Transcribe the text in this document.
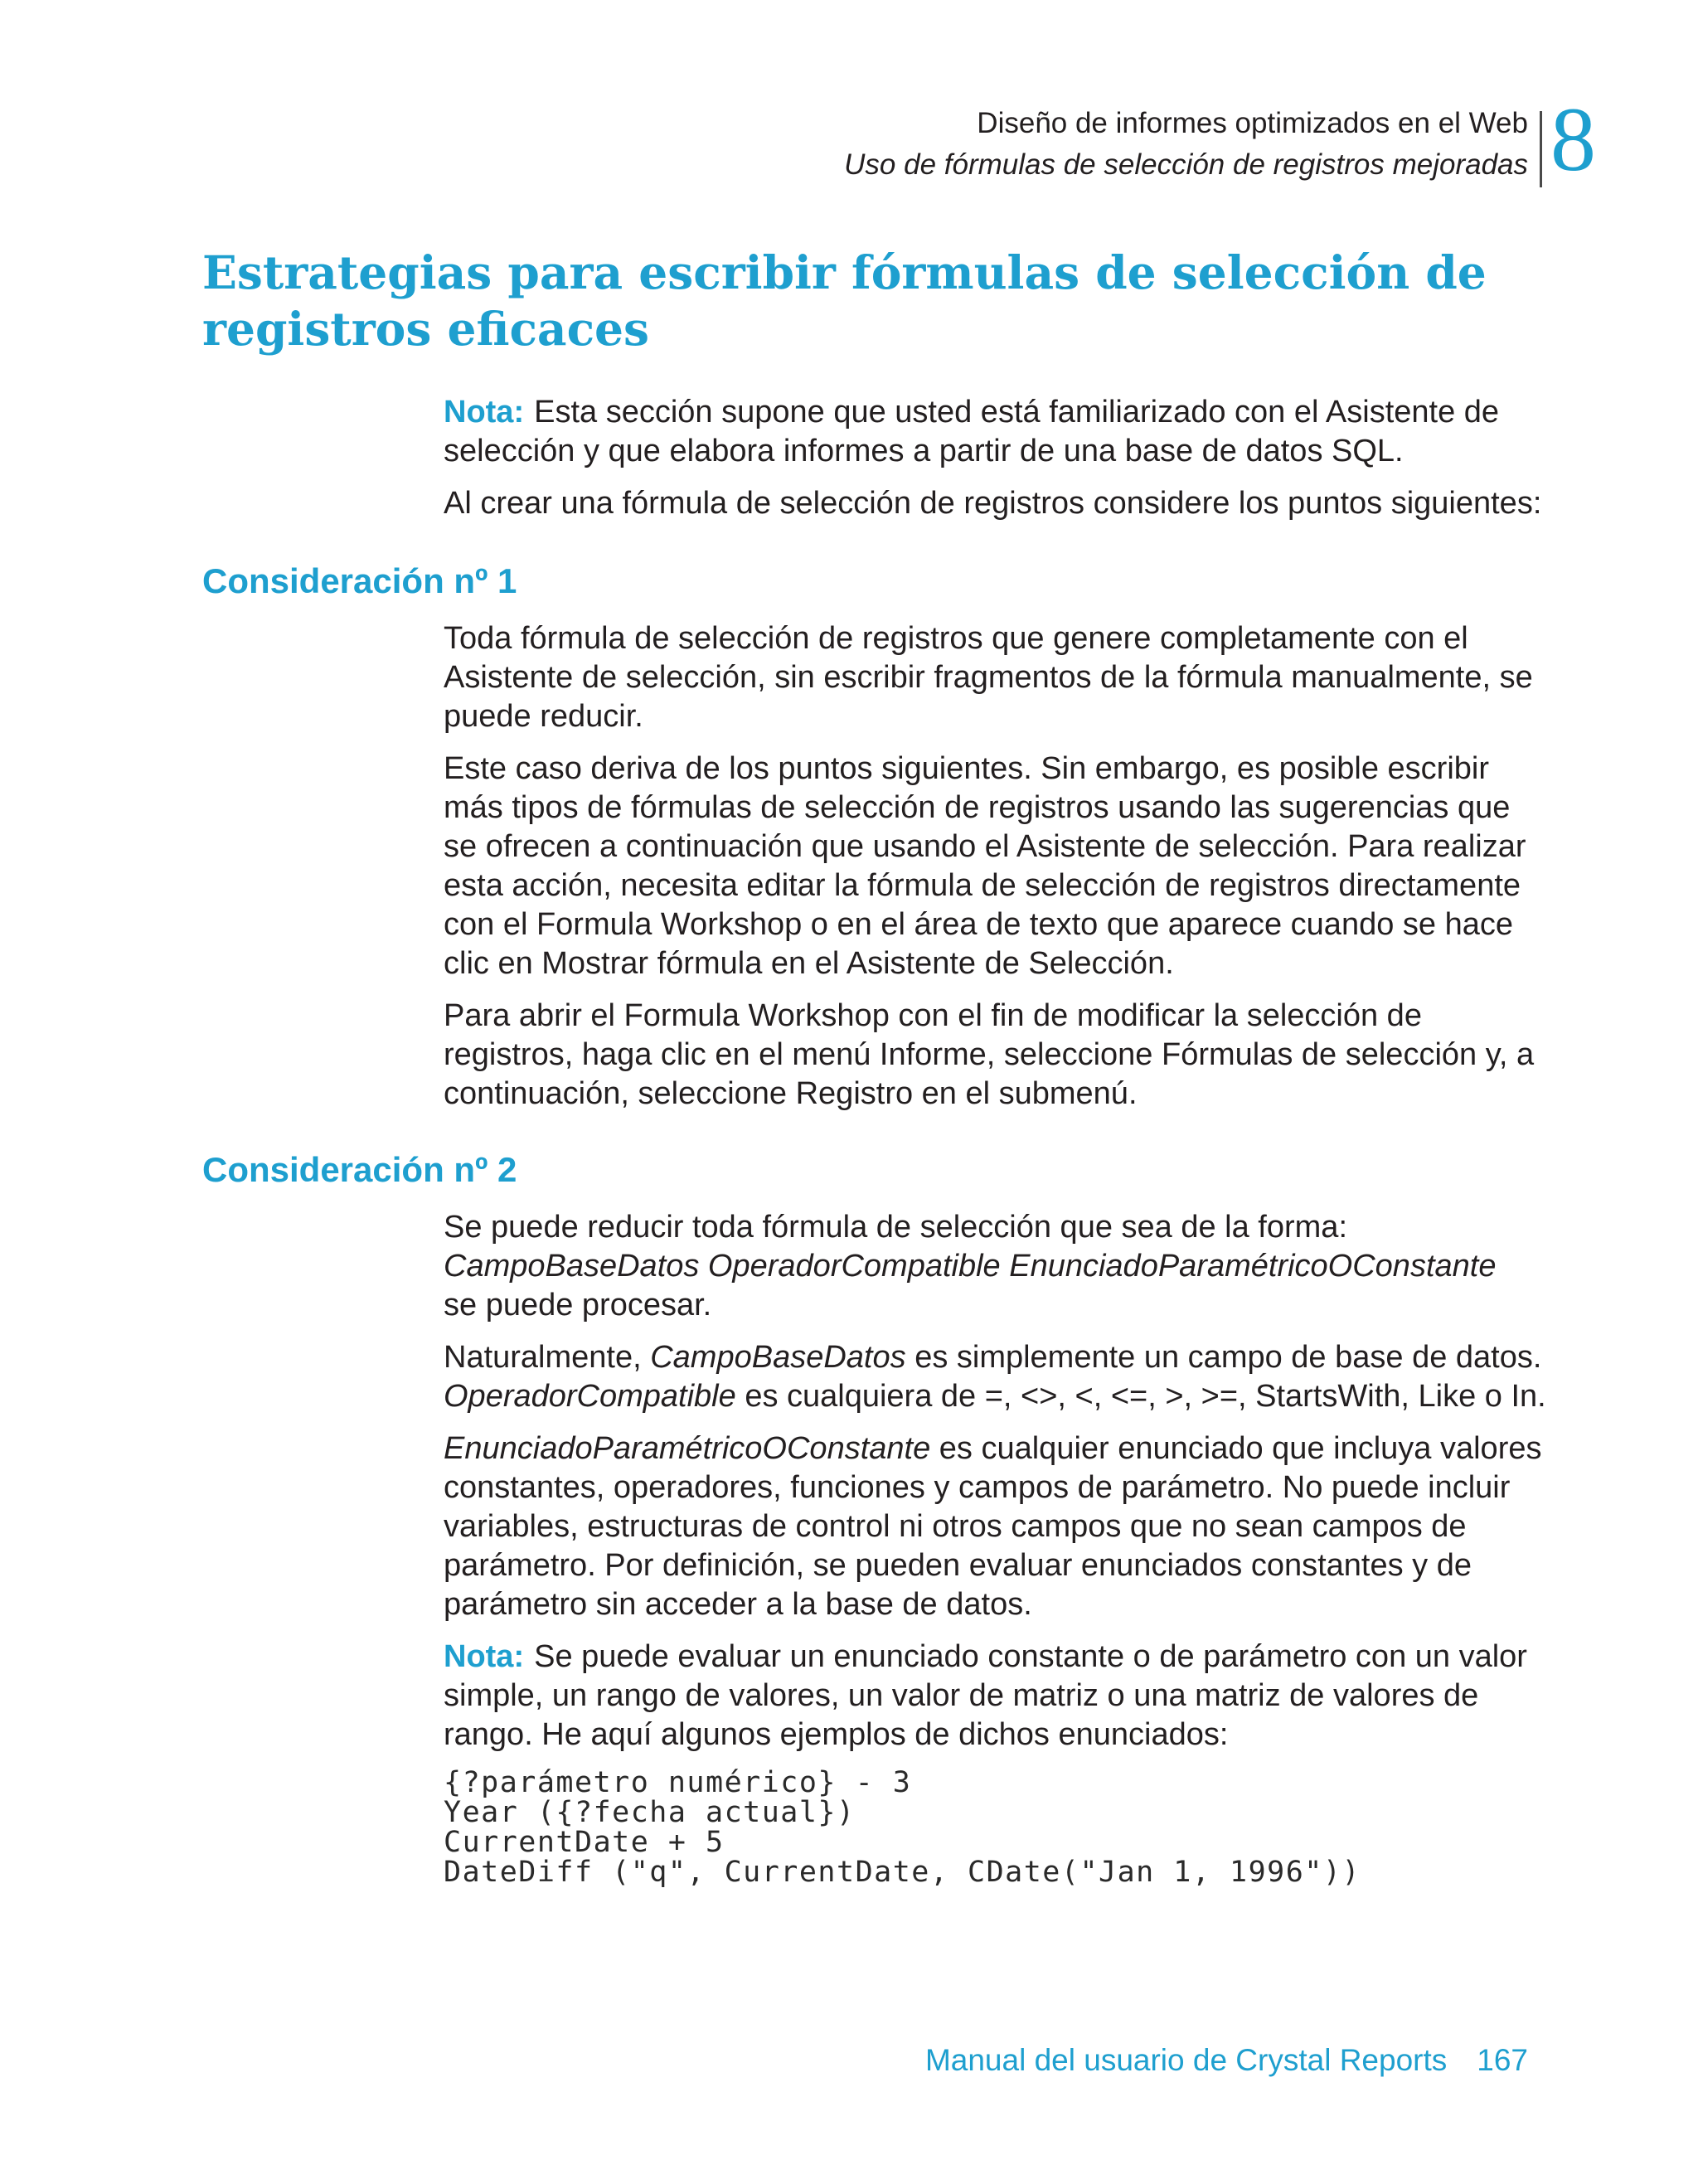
Diseño de informes optimizados en el Web
Uso de fórmulas de selección de registros mejoradas 8
Estrategias para escribir fórmulas de selección de registros eficaces

Nota: Esta sección supone que usted está familiarizado con el Asistente de selección y que elabora informes a partir de una base de datos SQL.

Al crear una fórmula de selección de registros considere los puntos siguientes:

Consideración nº 1

Toda fórmula de selección de registros que genere completamente con el Asistente de selección, sin escribir fragmentos de la fórmula manualmente, se puede reducir.

Este caso deriva de los puntos siguientes. Sin embargo, es posible escribir más tipos de fórmulas de selección de registros usando las sugerencias que se ofrecen a continuación que usando el Asistente de selección. Para realizar esta acción, necesita editar la fórmula de selección de registros directamente con el Formula Workshop o en el área de texto que aparece cuando se hace clic en Mostrar fórmula en el Asistente de Selección.

Para abrir el Formula Workshop con el fin de modificar la selección de registros, haga clic en el menú Informe, seleccione Fórmulas de selección y, a continuación, seleccione Registro en el submenú.

Consideración nº 2

Se puede reducir toda fórmula de selección que sea de la forma:
CampoBaseDatos OperadorCompatible EnunciadoParamétricoOConstante
se puede procesar.

Naturalmente, CampoBaseDatos es simplemente un campo de base de datos. OperadorCompatible es cualquiera de =, <>, <, <=, >, >=, StartsWith, Like o In.

EnunciadoParamétricoOConstante es cualquier enunciado que incluya valores constantes, operadores, funciones y campos de parámetro. No puede incluir variables, estructuras de control ni otros campos que no sean campos de parámetro. Por definición, se pueden evaluar enunciados constantes y de parámetro sin acceder a la base de datos.

Nota: Se puede evaluar un enunciado constante o de parámetro con un valor simple, un rango de valores, un valor de matriz o una matriz de valores de rango. He aquí algunos ejemplos de dichos enunciados:

{?parámetro numérico} - 3
Year ({?fecha actual})
CurrentDate + 5
DateDiff ("q", CurrentDate, CDate("Jan 1, 1996"))
Manual del usuario de Crystal Reports 167
